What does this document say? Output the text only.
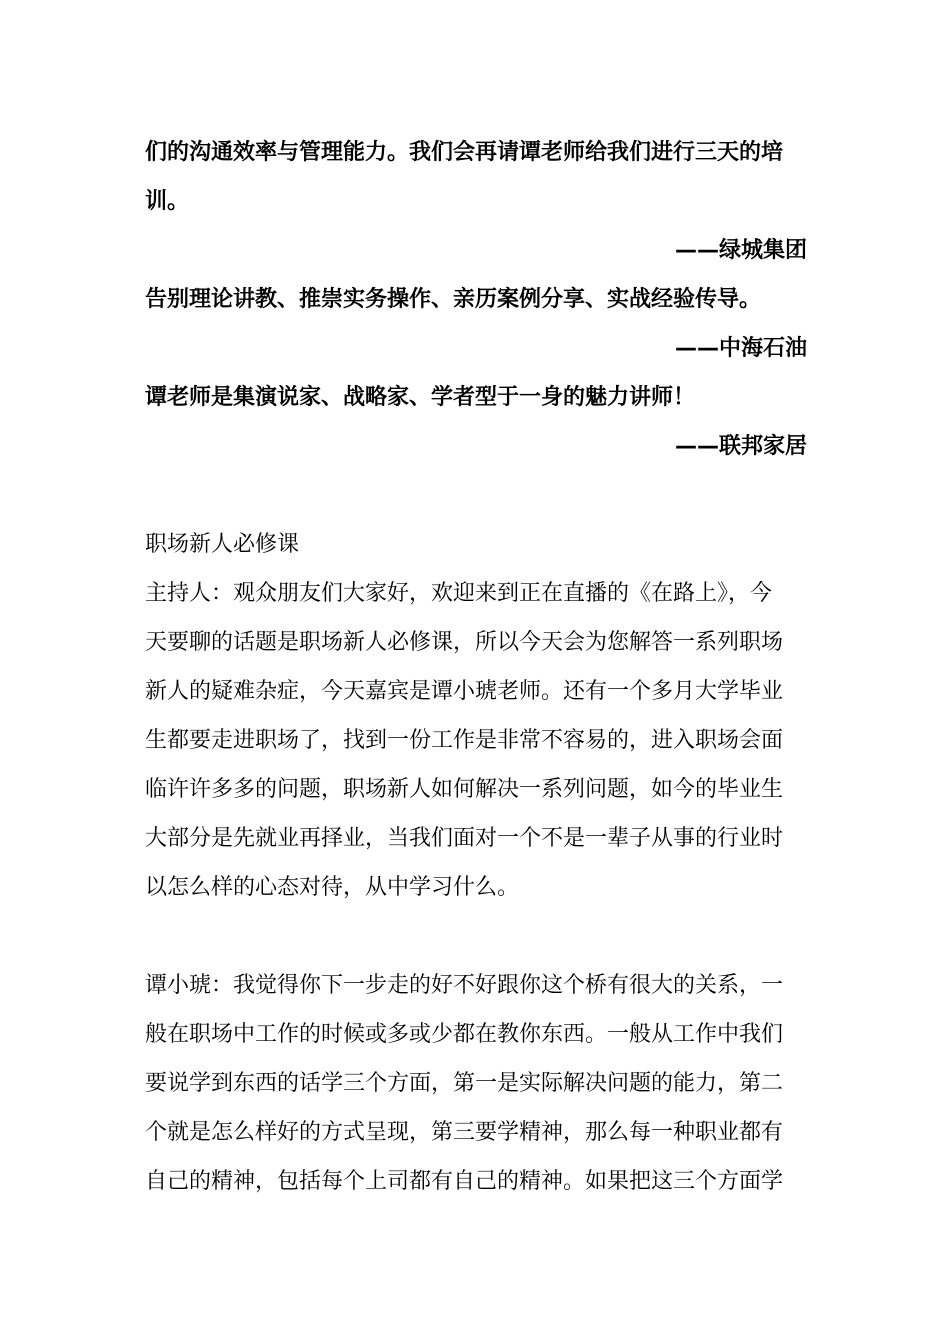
们的沟通效率与管理能力。我们会再请谭老师给我们进行三天的培
训。
——绿城集团
告别理论讲教、推崇实务操作、亲历案例分享、实战经验传导。
——中海石油
谭老师是集演说家、战略家、学者型于一身的魅力讲师！
——联邦家居
职场新人必修课
主持人：观众朋友们大家好，欢迎来到正在直播的《在路上》，今
天要聊的话题是职场新人必修课，所以今天会为您解答一系列职场
新人的疑难杂症，今天嘉宾是谭小琥老师。还有一个多月大学毕业
生都要走进职场了，找到一份工作是非常不容易的，进入职场会面
临许许多多的问题，职场新人如何解决一系列问题，如今的毕业生
大部分是先就业再择业，当我们面对一个不是一辈子从事的行业时
以怎么样的心态对待，从中学习什么。
谭小琥：我觉得你下一步走的好不好跟你这个桥有很大的关系，一
般在职场中工作的时候或多或少都在教你东西。一般从工作中我们
要说学到东西的话学三个方面，第一是实际解决问题的能力，第二
个就是怎么样好的方式呈现，第三要学精神，那么每一种职业都有
自己的精神，包括每个上司都有自己的精神。如果把这三个方面学
